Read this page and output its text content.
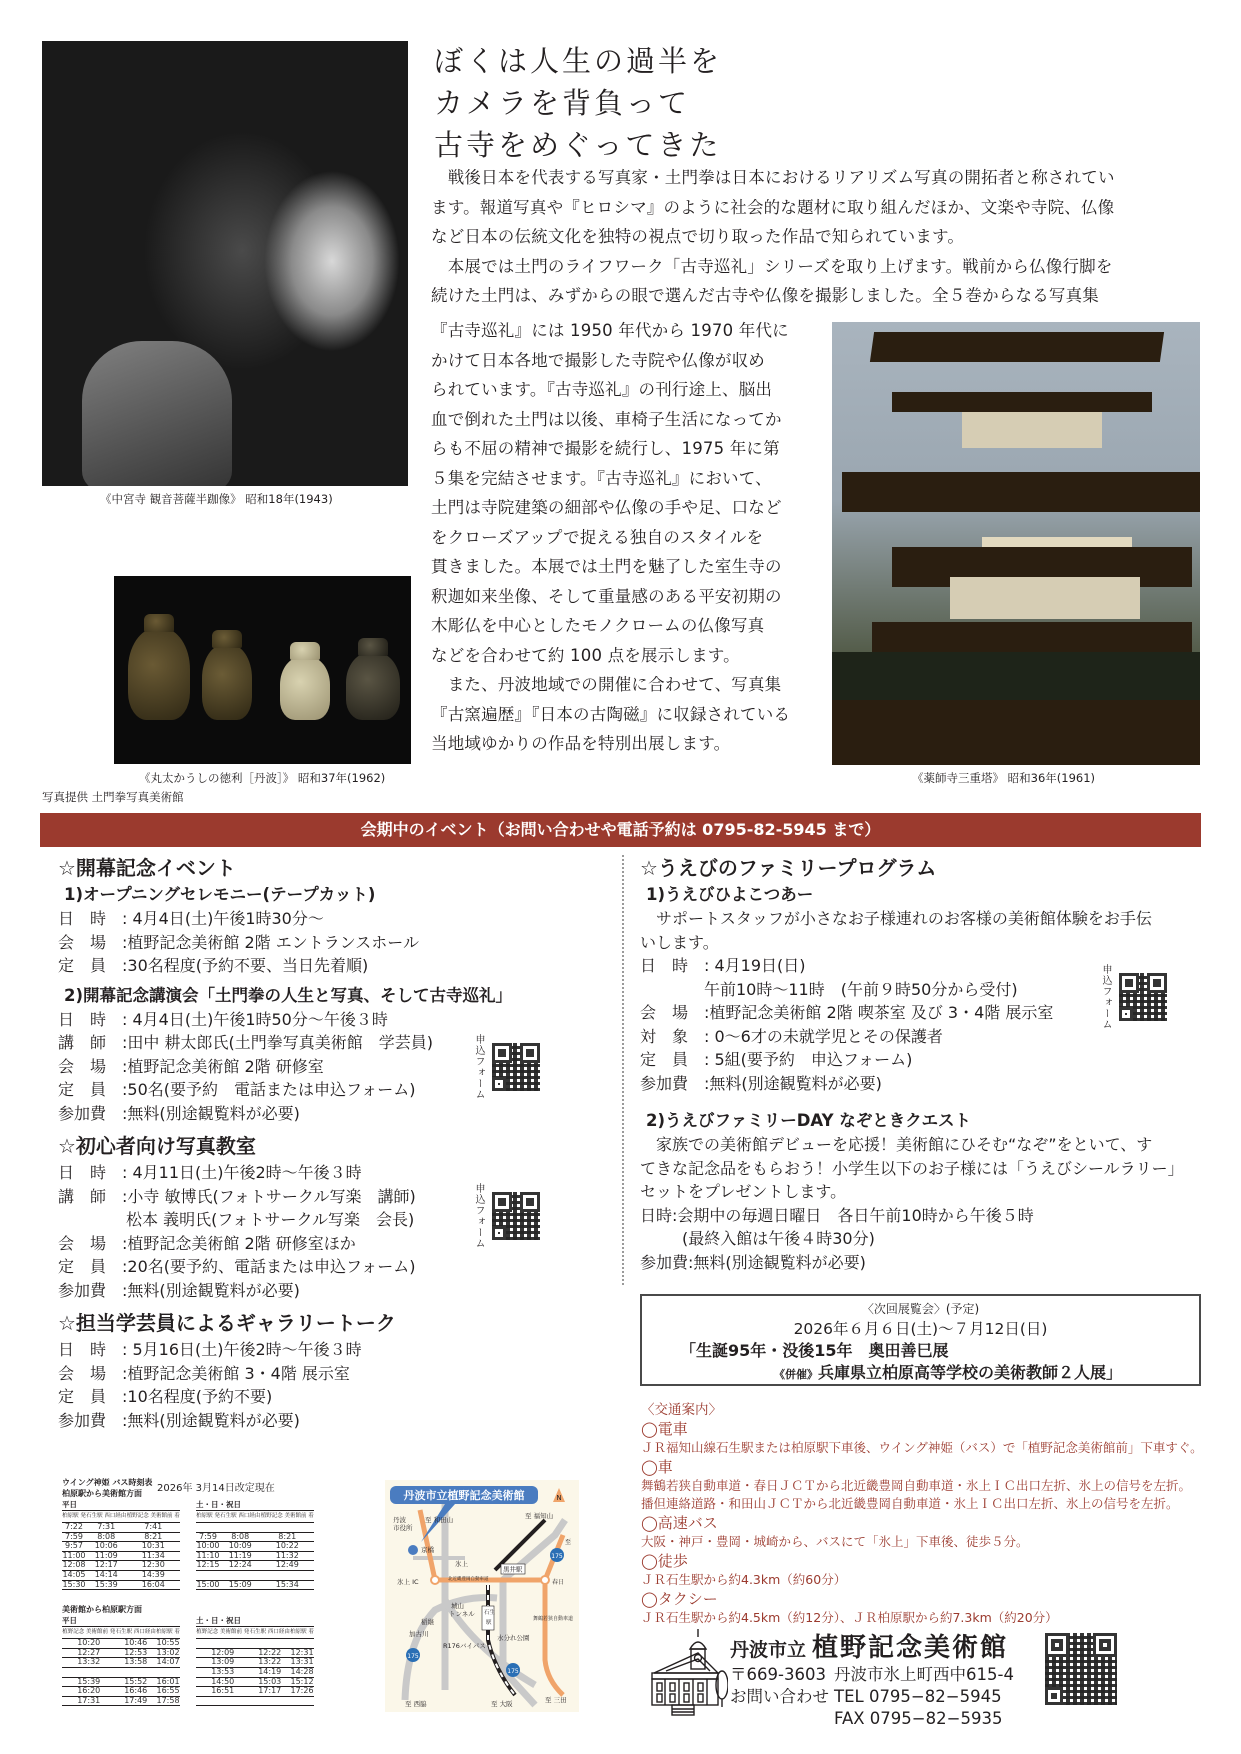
《中宮寺 観音菩薩半跏像》 昭和18年(1943)
ぼくは人生の過半を
カメラを背負って
古寺をめぐってきた
　戦後日本を代表する写真家・土門拳は日本におけるリアリズム写真の開拓者と称されてい
ます。報道写真や『ヒロシマ』のように社会的な題材に取り組んだほか、文楽や寺院、仏像
など日本の伝統文化を独特の視点で切り取った作品で知られています。
　本展では土門のライフワーク「古寺巡礼」シリーズを取り上げます。戦前から仏像行脚を
続けた土門は、みずからの眼で選んだ古寺や仏像を撮影しました。全５巻からなる写真集
『古寺巡礼』には 1950 年代から 1970 年代に
かけて日本各地で撮影した寺院や仏像が収め
られています。『古寺巡礼』の刊行途上、脳出
血で倒れた土門は以後、車椅子生活になってか
らも不屈の精神で撮影を続行し、1975 年に第
５集を完結させます。『古寺巡礼』において、
土門は寺院建築の細部や仏像の手や足、口など
をクローズアップで捉える独自のスタイルを
貫きました。本展では土門を魅了した室生寺の
釈迦如来坐像、そして重量感のある平安初期の
木彫仏を中心としたモノクロームの仏像写真
などを合わせて約 100 点を展示します。
　また、丹波地域での開催に合わせて、写真集
『古窯遍歴』『日本の古陶磁』に収録されている
当地域ゆかりの作品を特別出展します。
《薬師寺三重塔》 昭和36年(1961)
《丸太かうしの徳利［丹波］》 昭和37年(1962)
写真提供 土門拳写真美術館
会期中のイベント（お問い合わせや電話予約は 0795-82-5945 まで）
☆開幕記念イベント
1)オープニングセレモニー(テープカット)
日　時 : 4月4日(土)午後1時30分～
会　場 :植野記念美術館 2階 エントランスホール
定　員 :30名程度(予約不要、当日先着順)
2)開幕記念講演会「土門拳の人生と写真、そして古寺巡礼」
日　時 : 4月4日(土)午後1時50分～午後３時
講　師 :田中 耕太郎氏(土門拳写真美術館　学芸員)
会　場 :植野記念美術館 2階 研修室
定　員 :50名(要予約　電話または申込フォーム)
参加費 :無料(別途観覧料が必要)
申込フォーム
☆初心者向け写真教室
日　時 : 4月11日(土)午後2時～午後３時
講　師 :小寺 敏博氏(フォトサークル写楽　講師)
松本 義明氏(フォトサークル写楽　会長)
会　場 :植野記念美術館 2階 研修室ほか
定　員 :20名(要予約、電話または申込フォーム)
参加費 :無料(別途観覧料が必要)
申込フォーム
☆担当学芸員によるギャラリートーク
日　時 : 5月16日(土)午後2時～午後３時
会　場 :植野記念美術館 3・4階 展示室
定　員 :10名程度(予約不要)
参加費 :無料(別途観覧料が必要)
☆うえびのファミリープログラム
1)うえびひよこつあー
　サポートスタッフが小さなお子様連れのお客様の美術館体験をお手伝
いします。
日　時 : 4月19日(日)
午前10時～11時　(午前９時50分から受付)
会　場 :植野記念美術館 2階 喫茶室 及び 3・4階 展示室
対　象 : 0～6才の未就学児とその保護者
定　員 : 5組(要予約　申込フォーム)
参加費 :無料(別途観覧料が必要)
申込フォーム
2)うえびファミリーDAY なぞときクエスト
　家族での美術館デビューを応援！美術館にひそむ“なぞ”をといて、す
てきな記念品をもらおう！小学生以下のお子様には「うえびシールラリー」
セットをプレゼントします。
日時:会期中の毎週日曜日　各日午前10時から午後５時
(最終入館は午後４時30分)
参加費:無料(別途観覧料が必要)
〈次回展覧会〉(予定)
2026年６月６日(土)～７月12日(日)
「生誕95年・没後15年　奥田善巳展
《併催》兵庫県立柏原高等学校の美術教師２人展」
〈交通案内〉
◯電車
ＪＲ福知山線石生駅または柏原駅下車後、ウイング神姫（バス）で「植野記念美術館前」下車すぐ。
◯車
舞鶴若狭自動車道・春日ＪＣＴから北近畿豊岡自動車道・氷上ＩＣ出口左折、氷上の信号を左折。
播但連絡道路・和田山ＪＣＴから北近畿豊岡自動車道・氷上ＩＣ出口左折、氷上の信号を左折。
◯高速バス
大阪・神戸・豊岡・城崎から、バスにて「氷上」下車後、徒歩５分。
◯徒歩
ＪＲ石生駅から約4.3km（約60分）
◯タクシー
ＪＲ石生駅から約4.5km（約12分）、ＪＲ柏原駅から約7.3km（約20分）
丹波市立 植野記念美術館
〒669-3603 丹波市氷上町西中615-4
お問い合わせ TEL 0795−82−5945
FAX 0795−82−5935
ウイング神姫 バス時刻表
2026年 3月14日改定現在
柏原駅から美術館方面
平日
柏原駅 発	石生駅 西口経由	植野記念 美術館前 着
7:22	7:31	7:41
7:59	8:08	8:21
9:57	10:06	10:31
11:00	11:09	11:34
12:08	12:17	12:30
14:05	14:14	14:39
15:30	15:39	16:04
土・日・祝日
柏原駅 発	石生駅 西口経由	植野記念 美術館前 着

7:59	8:08	8:21
10:00	10:09	10:22
11:10	11:19	11:32
12:15	12:24	12:49

15:00	15:09	15:34
美術館から柏原駅方面
平日
植野記念 美術館前 発	石生駅 西口経由	柏原駅 着
10:20	10:46	10:55
12:27	12:53	13:02
13:32	13:58	14:07

15:39	15:52	16:01
16:20	16:46	16:55
17:31	17:49	17:58
土・日・祝日
植野記念 美術館前 発	石生駅 西口経由	柏原駅 着

12:09	12:22	12:31
13:09	13:22	13:31
13:53	14:19	14:28
14:50	15:03	15:12
16:51	17:17	17:26

丹波市立植野記念美術館	N
175
175
175
至 和田山
丹波
市役所
京橋
氷上
氷上 IC	北近畿豊岡自動車道
黒井駅
至 福知山
至
春日
城山
トンネル
稲継
加古川	水分れ公園
R176バイパス
舞鶴若狭自動車道
至 西脇	至 大阪	至 三田
石生
駅
